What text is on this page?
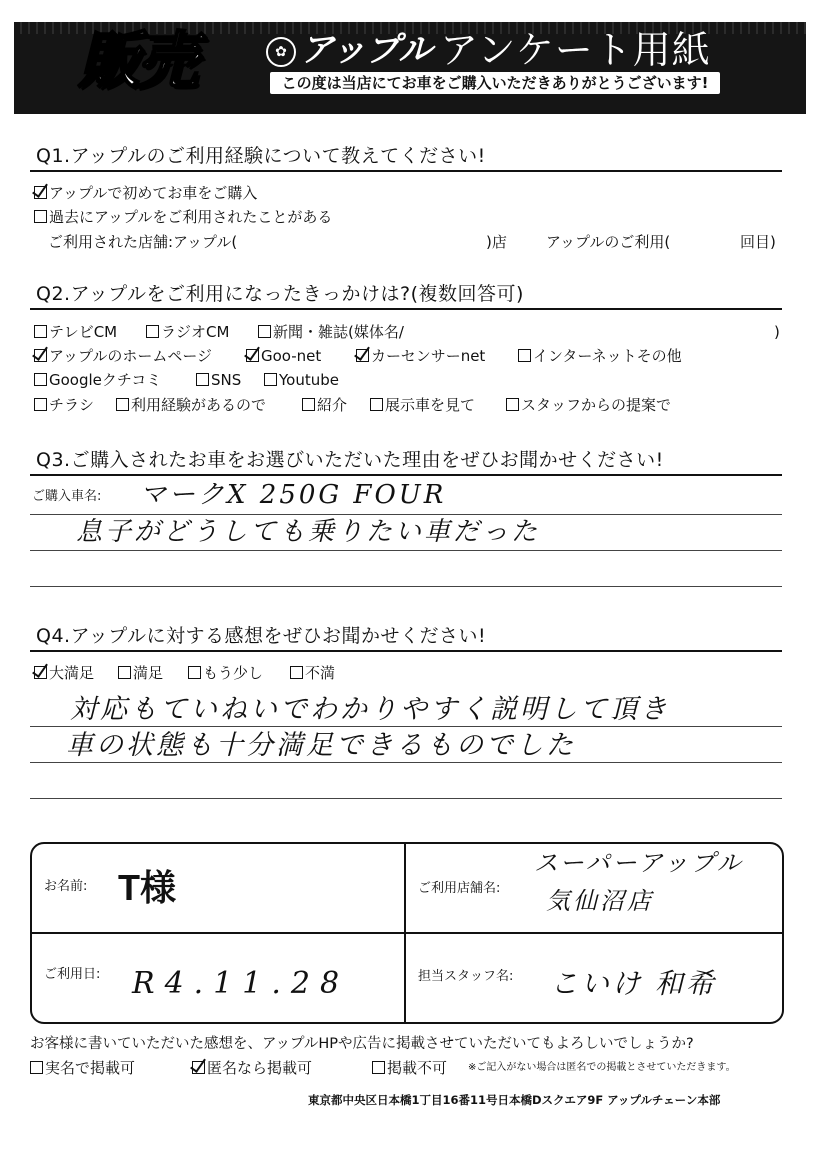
販売	✿ アップル アンケート用紙
この度は当店にてお車をご購入いただきありがとうございます!
Q1.アップルのご利用経験について教えてください!
アップルで初めてお車をご購入
過去にアップルをご利用されたことがある
ご利用された店舗:アップル(	)店	アップルのご利用(	回目)
Q2.アップルをご利用になったきっかけは?(複数回答可)
テレビCM	ラジオCM	新聞・雑誌(媒体名/	)
アップルのホームページ	Goo-net	カーセンサーnet	インターネットその他
Googleクチコミ	SNS	Youtube
チラシ	利用経験があるので	紹介	展示車を見て	スタッフからの提案で
Q3.ご購入されたお車をお選びいただいた理由をぜひお聞かせください!
ご購入車名: マークX 250G FOUR
息子がどうしても乗りたい車だった
Q4.アップルに対する感想をぜひお聞かせください!
大満足	満足	もう少し	不満
対応もていねいでわかりやすく説明して頂き
車の状態も十分満足できるものでした
お名前: T様	ご利用店舗名:
スーパーアップル
気仙沼店
ご利用日: R4.11.28	担当スタッフ名: こいけ 和希
お客様に書いていただいた感想を、アップルHPや広告に掲載させていただいてもよろしいでしょうか?
実名で掲載可	匿名なら掲載可	掲載不可 ※ご記入がない場合は匿名での掲載とさせていただきます。
東京都中央区日本橋1丁目16番11号日本橋Dスクエア9F アップルチェーン本部
